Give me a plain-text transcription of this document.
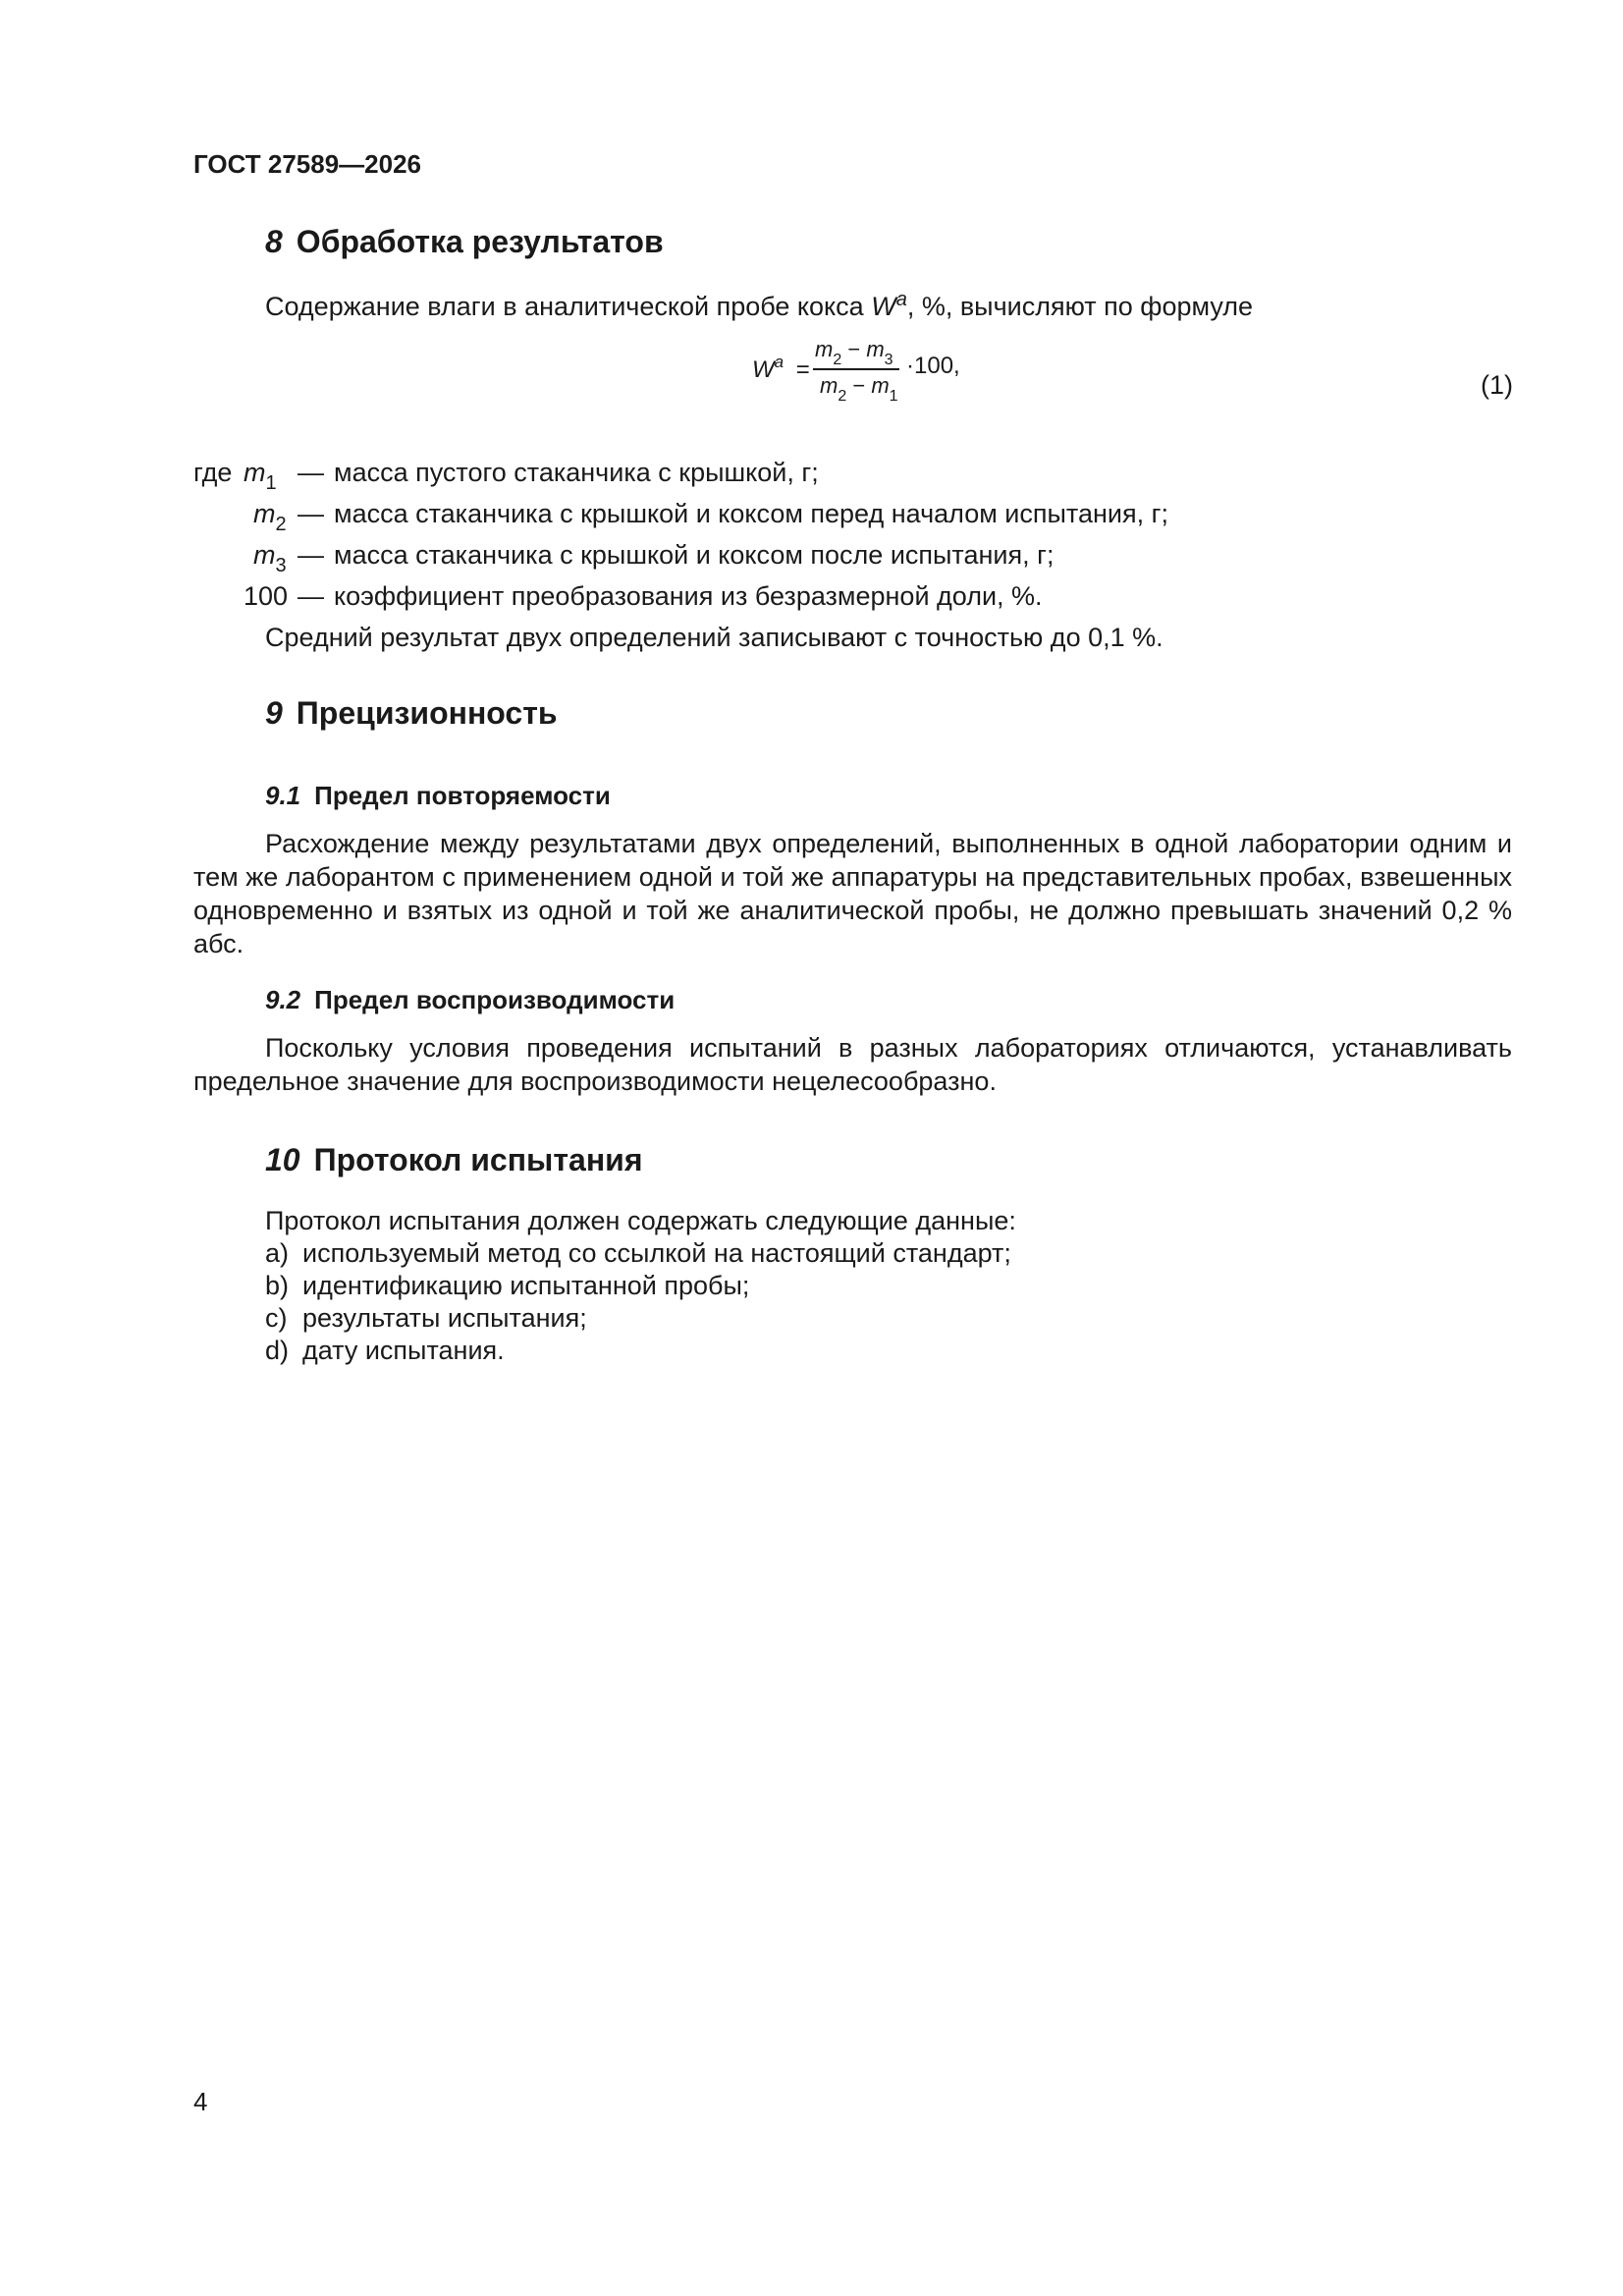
ГОСТ 27589—2026
8 Обработка результатов
Содержание влаги в аналитической пробе кокса $W^a$, %, вычисляют по формуле
$W^a$ =
$m_2 - m_3$
$m_2 - m_1$
·100,
(1)
где $m_1$ — масса пустого стаканчика с крышкой, г;
$m_2$ — масса стаканчика с крышкой и коксом перед началом испытания, г;
$m_3$ — масса стаканчика с крышкой и коксом после испытания, г;
100 — коэффициент преобразования из безразмерной доли, %.
Средний результат двух определений записывают с точностью до 0,1 %.
9 Прецизионность
9.1 Предел повторяемости
Расхождение между результатами двух определений, выполненных в одной лаборатории одним и тем же лаборантом с применением одной и той же аппаратуры на представительных пробах, взвешенных одновременно и взятых из одной и той же аналитической пробы, не должно превышать значений 0,2 % абс.
9.2 Предел воспроизводимости
Поскольку условия проведения испытаний в разных лабораториях отличаются, устанавливать предельное значение для воспроизводимости нецелесообразно.
10 Протокол испытания
Протокол испытания должен содержать следующие данные:
a) используемый метод со ссылкой на настоящий стандарт;
b) идентификацию испытанной пробы;
c) результаты испытания;
d) дату испытания.
4
